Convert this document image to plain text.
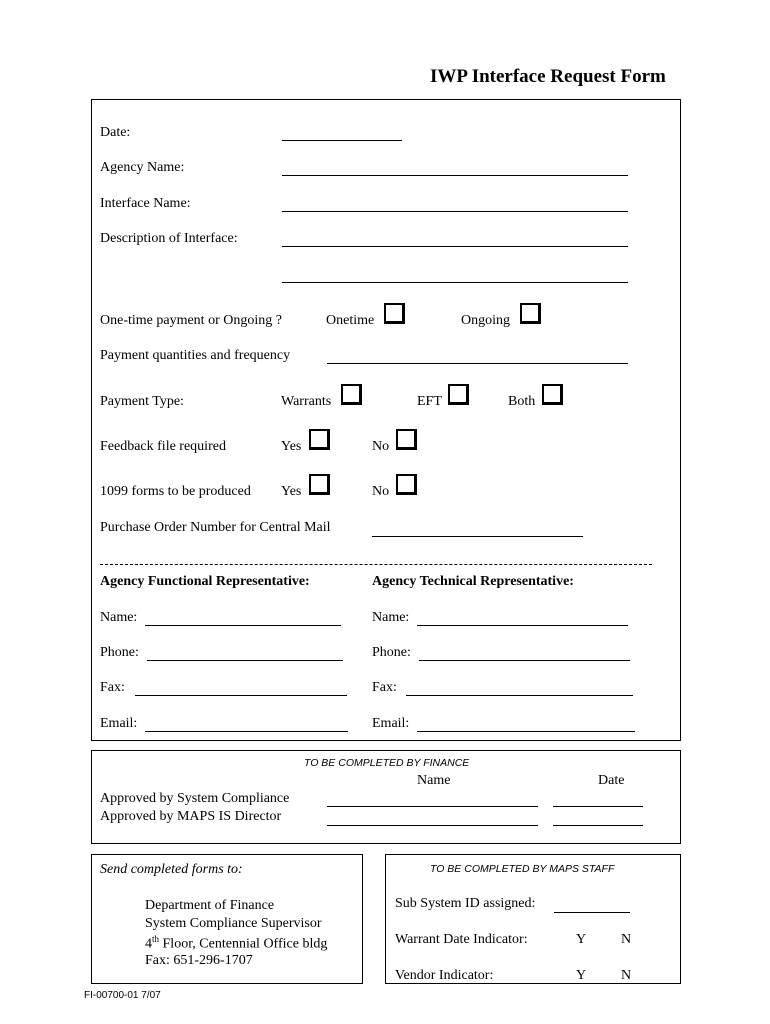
IWP Interface Request Form
Date:
Agency Name:
Interface Name:
Description of Interface:
One-time payment or Ongoing ?	Onetime	Ongoing
Payment quantities and frequency
Payment Type:	Warrants	EFT	Both
Feedback file required	Yes	No
1099 forms to be produced Yes	No
Purchase Order Number for Central Mail
Agency Functional Representative:	Agency Technical Representative:
Name:	Name:
Phone:	Phone:
Fax:	Fax:
Email:	Email:
TO BE COMPLETED BY FINANCE
Name	Date
Approved by System Compliance
Approved by MAPS IS Director
Send completed forms to:
Department of Finance
System Compliance Supervisor
4th Floor, Centennial Office bldg
Fax: 651-296-1707
TO BE COMPLETED BY MAPS STAFF
Sub System ID assigned:
Warrant Date Indicator:	Y N
Vendor Indicator:	Y N
FI-00700-01 7/07
